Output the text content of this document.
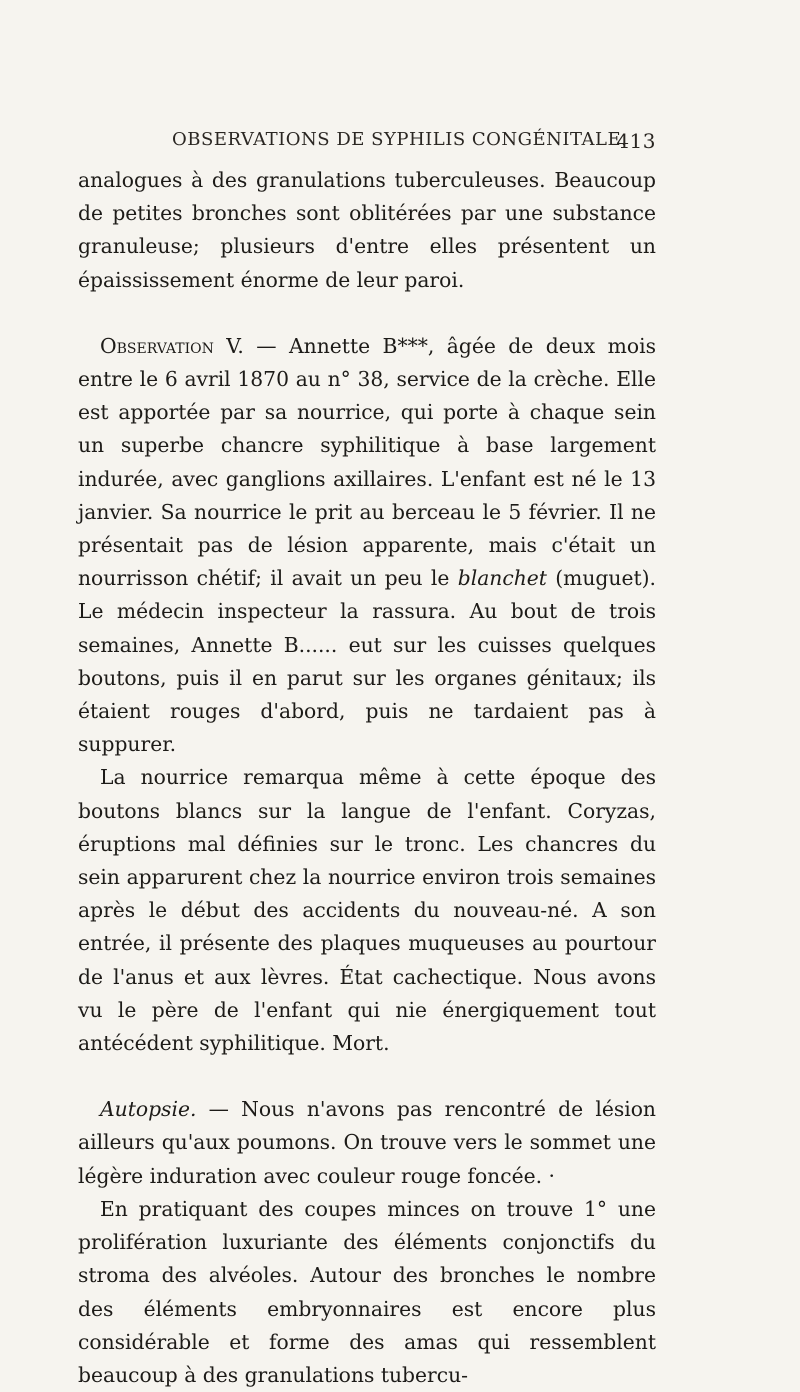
OBSERVATIONS DE SYPHILIS CONGÉNITALE.
413

analogues à des granulations tuberculeuses. Beaucoup de petites bronches sont oblitérées par une substance granuleuse; plusieurs d'entre elles présentent un épaississement énorme de leur paroi.

Observation V. — Annette B***, âgée de deux mois entre le 6 avril 1870 au n° 38, service de la crèche. Elle est apportée par sa nourrice, qui porte à chaque sein un superbe chancre syphilitique à base largement indurée, avec ganglions axillaires. L'enfant est né le 13 janvier. Sa nourrice le prit au berceau le 5 février. Il ne présentait pas de lésion apparente, mais c'était un nourrisson chétif; il avait un peu le blanchet (muguet). Le médecin inspecteur la rassura. Au bout de trois semaines, Annette B...... eut sur les cuisses quelques boutons, puis il en parut sur les organes génitaux; ils étaient rouges d'abord, puis ne tardaient pas à suppurer.

La nourrice remarqua même à cette époque des boutons blancs sur la langue de l'enfant. Coryzas, éruptions mal définies sur le tronc. Les chancres du sein apparurent chez la nourrice environ trois semaines après le début des accidents du nouveau-né. A son entrée, il présente des plaques muqueuses au pourtour de l'anus et aux lèvres. État cachectique. Nous avons vu le père de l'enfant qui nie énergiquement tout antécédent syphilitique. Mort.

Autopsie. — Nous n'avons pas rencontré de lésion ailleurs qu'aux poumons. On trouve vers le sommet une légère induration avec couleur rouge foncée. ·

En pratiquant des coupes minces on trouve 1° une prolifération luxuriante des éléments conjonctifs du stroma des alvéoles. Autour des bronches le nombre des éléments embryonnaires est encore plus considérable et forme des amas qui ressemblent beaucoup à des granulations tubercu-
